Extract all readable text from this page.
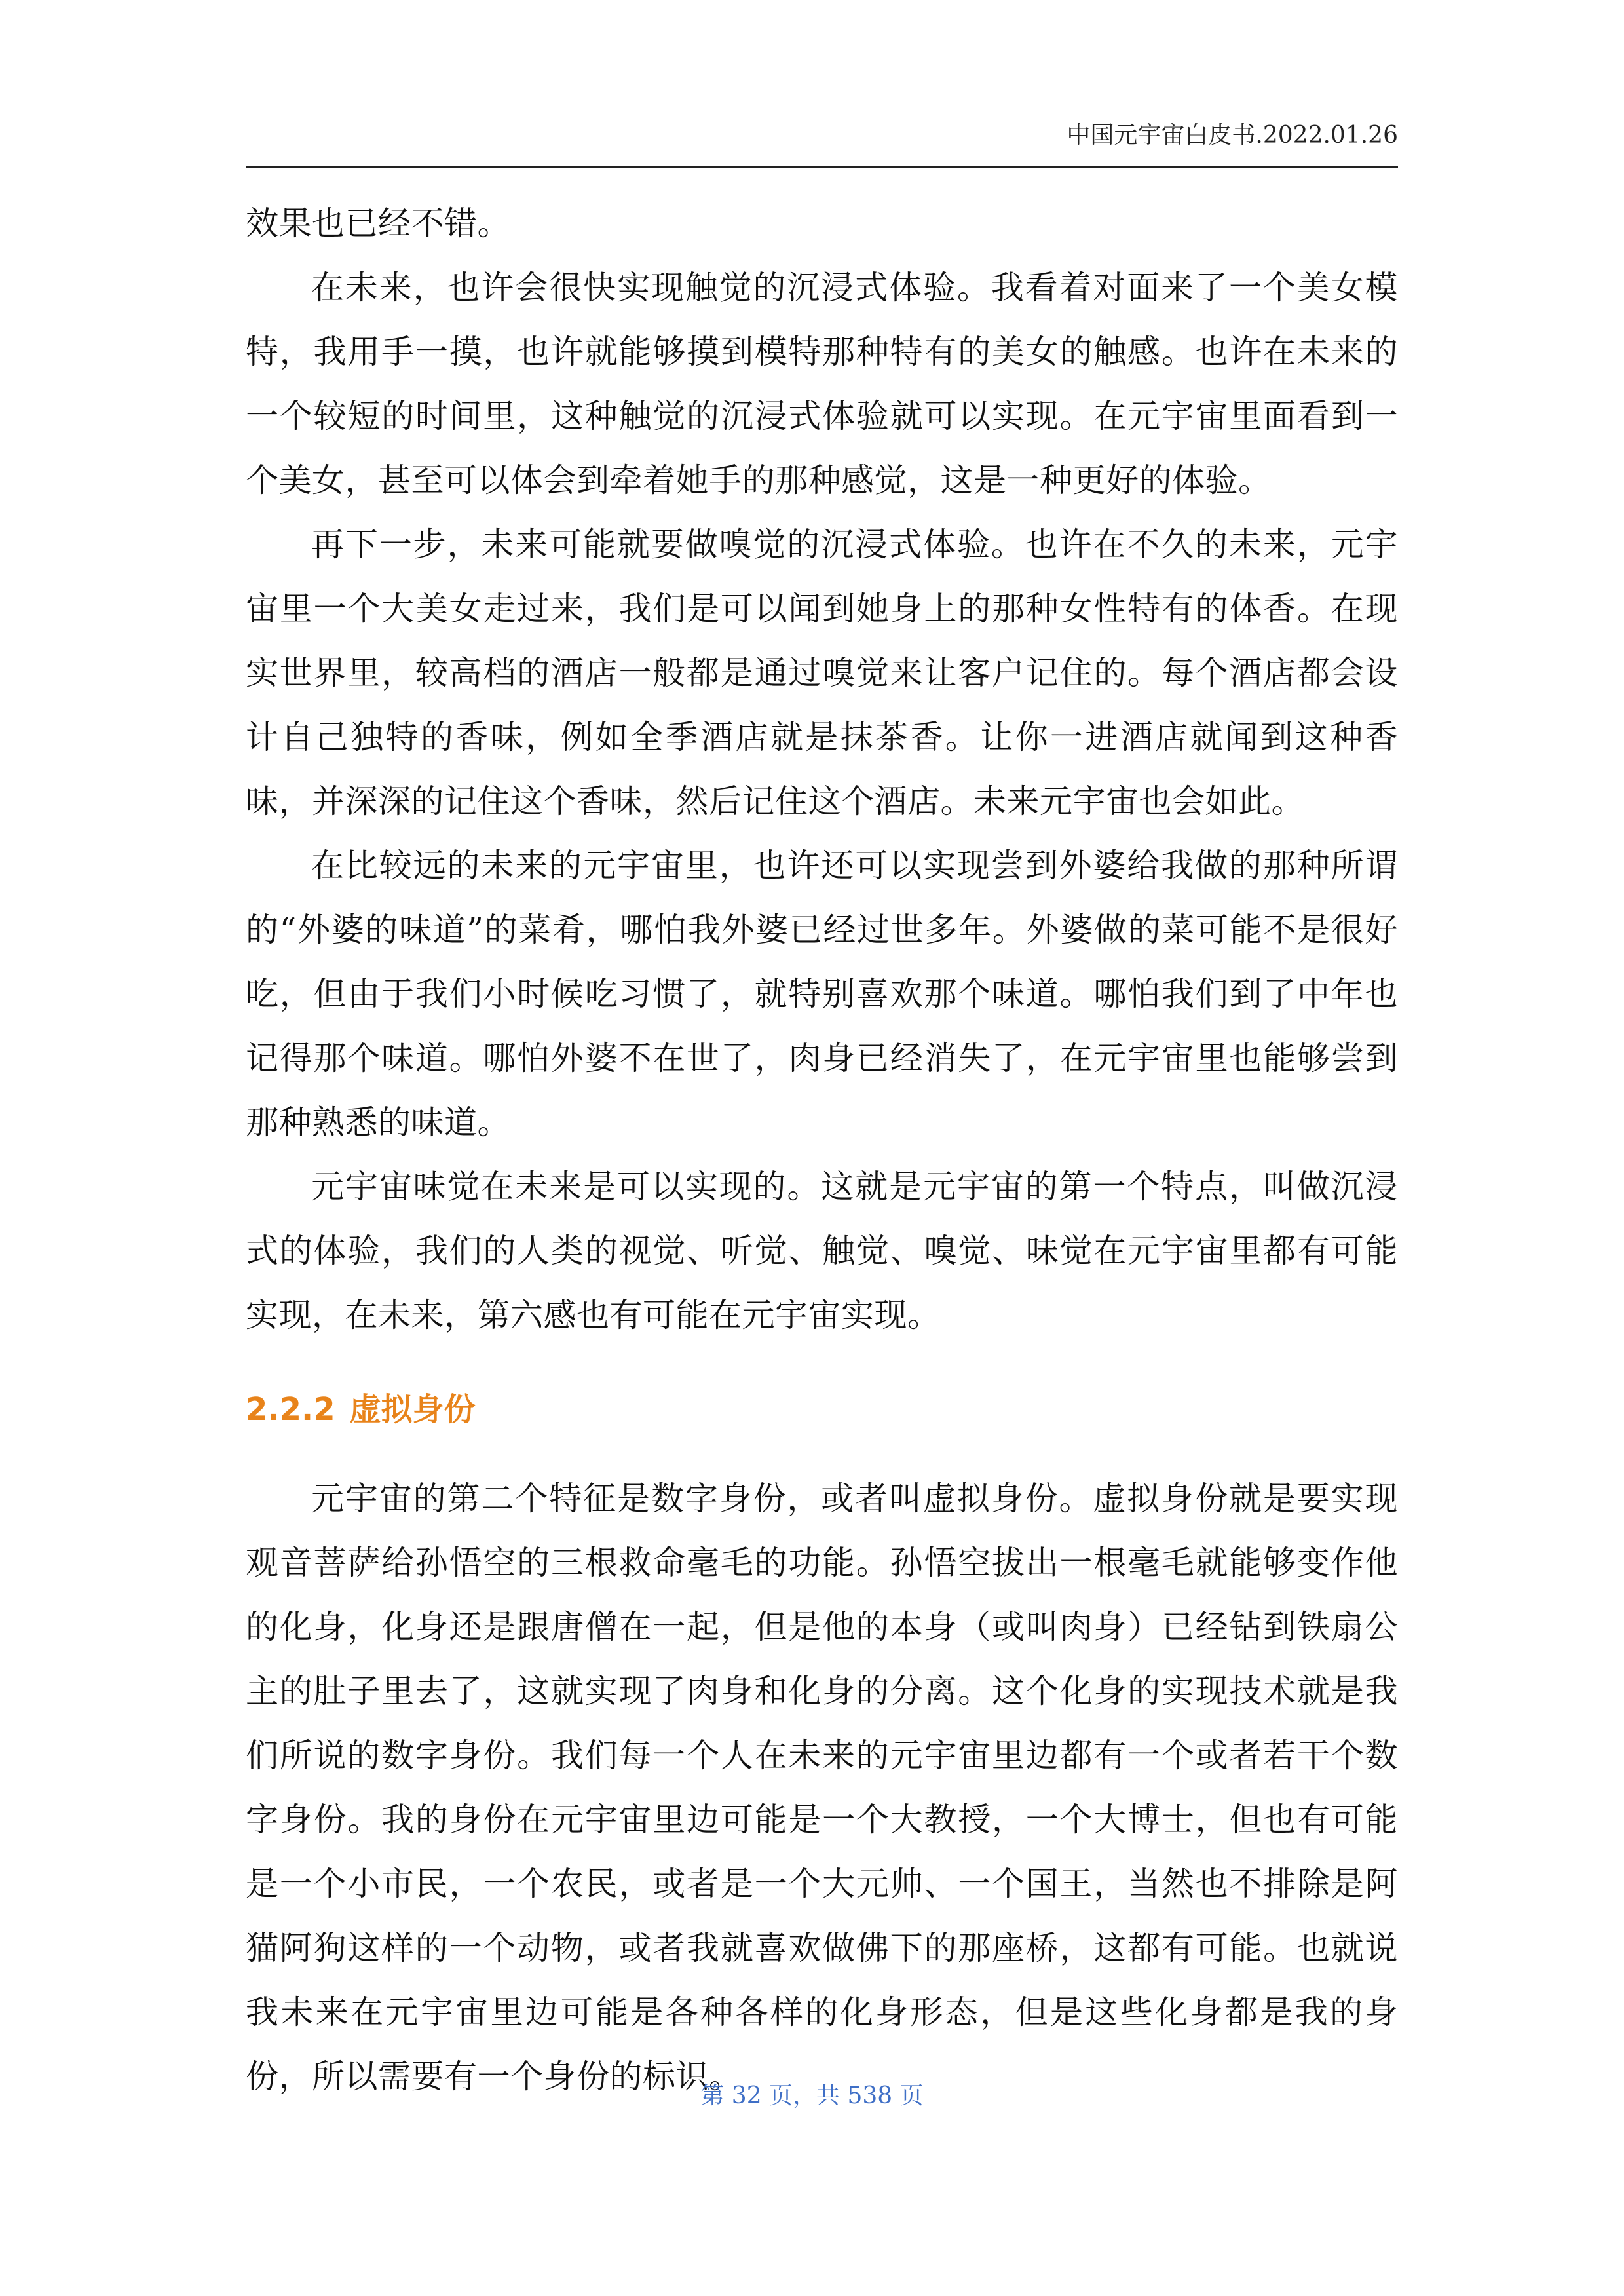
中国元宇宙白皮书.2022.01.26

效果也已经不错。

在未来，也许会很快实现触觉的沉浸式体验。我看着对面来了一个美女模特，我用手一摸，也许就能够摸到模特那种特有的美女的触感。也许在未来的一个较短的时间里，这种触觉的沉浸式体验就可以实现。在元宇宙里面看到一个美女，甚至可以体会到牵着她手的那种感觉，这是一种更好的体验。

再下一步，未来可能就要做嗅觉的沉浸式体验。也许在不久的未来，元宇宙里一个大美女走过来，我们是可以闻到她身上的那种女性特有的体香。在现实世界里，较高档的酒店一般都是通过嗅觉来让客户记住的。每个酒店都会设计自己独特的香味，例如全季酒店就是抹茶香。让你一进酒店就闻到这种香味，并深深的记住这个香味，然后记住这个酒店。未来元宇宙也会如此。

在比较远的未来的元宇宙里，也许还可以实现尝到外婆给我做的那种所谓的“外婆的味道”的菜肴，哪怕我外婆已经过世多年。外婆做的菜可能不是很好吃，但由于我们小时候吃习惯了，就特别喜欢那个味道。哪怕我们到了中年也记得那个味道。哪怕外婆不在世了，肉身已经消失了，在元宇宙里也能够尝到那种熟悉的味道。

元宇宙味觉在未来是可以实现的。这就是元宇宙的第一个特点，叫做沉浸式的体验，我们的人类的视觉、听觉、触觉、嗅觉、味觉在元宇宙里都有可能实现，在未来，第六感也有可能在元宇宙实现。

2.2.2 虚拟身份

元宇宙的第二个特征是数字身份，或者叫虚拟身份。虚拟身份就是要实现观音菩萨给孙悟空的三根救命毫毛的功能。孙悟空拔出一根毫毛就能够变作他的化身，化身还是跟唐僧在一起，但是他的本身（或叫肉身）已经钻到铁扇公主的肚子里去了，这就实现了肉身和化身的分离。这个化身的实现技术就是我们所说的数字身份。我们每一个人在未来的元宇宙里边都有一个或者若干个数字身份。我的身份在元宇宙里边可能是一个大教授，一个大博士，但也有可能是一个小市民，一个农民，或者是一个大元帅、一个国王，当然也不排除是阿猫阿狗这样的一个动物，或者我就喜欢做佛下的那座桥，这都有可能。也就说我未来在元宇宙里边可能是各种各样的化身形态，但是这些化身都是我的身份，所以需要有一个身份的标识。

第 32 页，共 538 页
